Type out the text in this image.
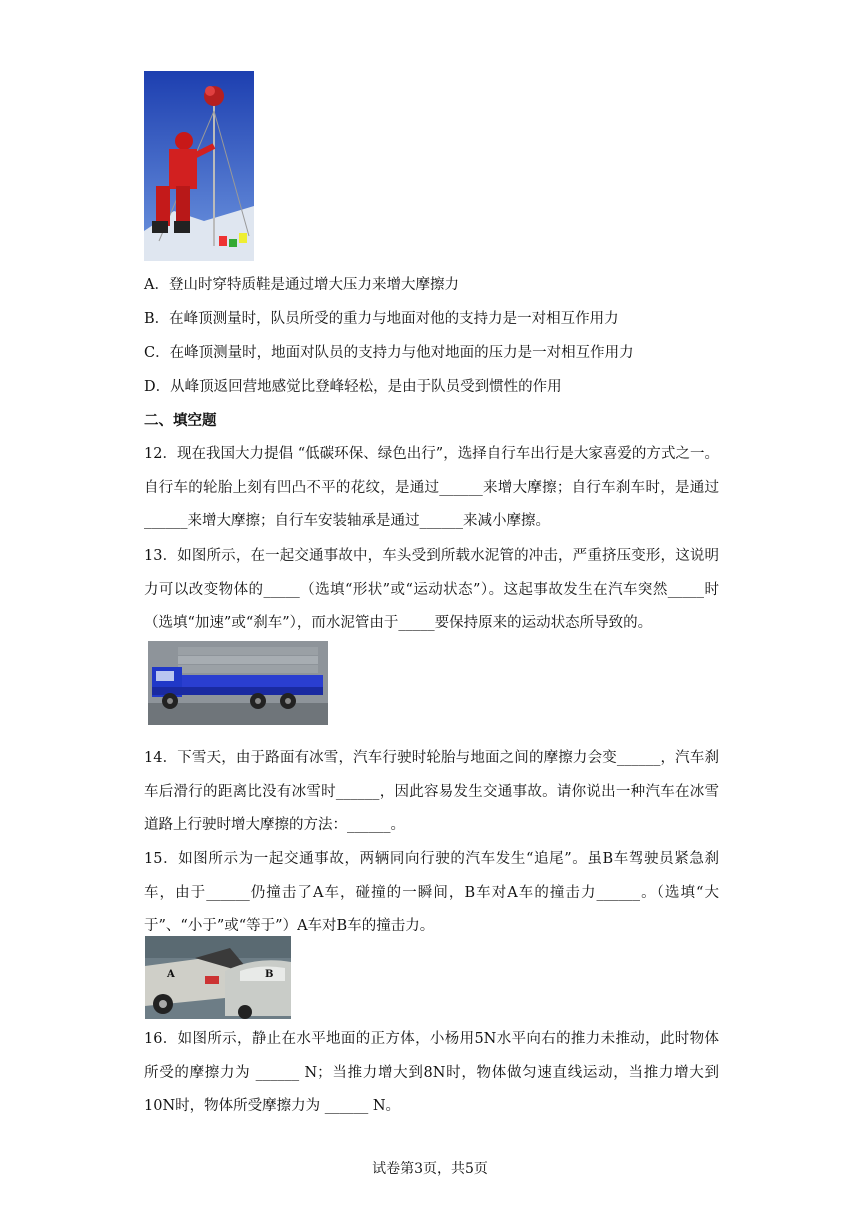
A．登山时穿特质鞋是通过增大压力来增大摩擦力
B．在峰顶测量时，队员所受的重力与地面对他的支持力是一对相互作用力
C．在峰顶测量时，地面对队员的支持力与他对地面的压力是一对相互作用力
D．从峰顶返回营地感觉比登峰轻松，是由于队员受到惯性的作用
二、填空题
12．现在我国大力提倡 “低碳环保、绿色出行”，选择自行车出行是大家喜爱的方式之一。自行车的轮胎上刻有凹凸不平的花纹，是通过______来增大摩擦；自行车刹车时，是通过______来增大摩擦；自行车安装轴承是通过______来减小摩擦。
13．如图所示，在一起交通事故中，车头受到所载水泥管的冲击，严重挤压变形，这说明力可以改变物体的_____（选填“形状”或“运动状态”）。这起事故发生在汽车突然_____时（选填“加速”或“刹车”），而水泥管由于_____要保持原来的运动状态所导致的。
14．下雪天，由于路面有冰雪，汽车行驶时轮胎与地面之间的摩擦力会变______，汽车刹车后滑行的距离比没有冰雪时______，因此容易发生交通事故。请你说出一种汽车在冰雪道路上行驶时增大摩擦的方法：______。
15．如图所示为一起交通事故，两辆同向行驶的汽车发生“追尾”。虽B车驾驶员紧急刹车，由于______仍撞击了A车，碰撞的一瞬间，B车对A车的撞击力______。（选填“大于”、“小于”或“等于”）A车对B车的撞击力。
A	B
16．如图所示，静止在水平地面的正方体，小杨用5N水平向右的推力未推动，此时物体所受的摩擦力为 ______ N；当推力增大到8N时，物体做匀速直线运动，当推力增大到10N时，物体所受摩擦力为 ______ N。
试卷第3页，共5页
